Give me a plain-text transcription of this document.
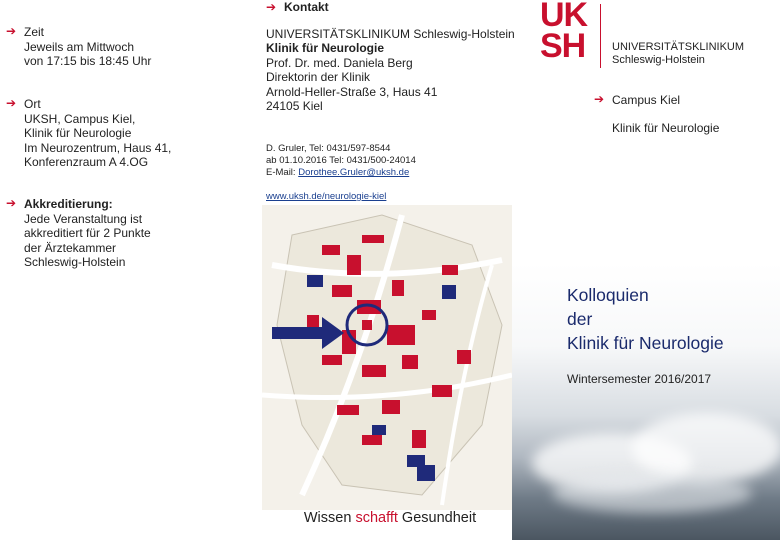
➔ Zeit
Jeweils am Mittwoch
von 17:15 bis 18:45 Uhr
➔ Ort
UKSH, Campus Kiel,
Klinik für Neurologie
Im Neurozentrum, Haus 41,
Konferenzraum A 4.OG
➔ Akkreditierung:
Jede Veranstaltung ist
akkreditiert für 2 Punkte
der Ärztekammer
Schleswig-Holstein
➔ Kontakt
UNIVERSITÄTSKLINIKUM Schleswig-Holstein
Klinik für Neurologie
Prof. Dr. med. Daniela Berg
Direktorin der Klinik
Arnold-Heller-Straße 3, Haus 41
24105 Kiel
D. Gruler, Tel: 0431/597-8544
ab 01.10.2016 Tel: 0431/500-24014
E-Mail: Dorothee.Gruler@uksh.de
www.uksh.de/neurologie-kiel
Wissen schafft Gesundheit
UK
SH UNIVERSITÄTSKLINIKUM
Schleswig-Holstein
➔ Campus Kiel
Klinik für Neurologie
Kolloquien
der
Klinik für Neurologie
Wintersemester 2016/2017
